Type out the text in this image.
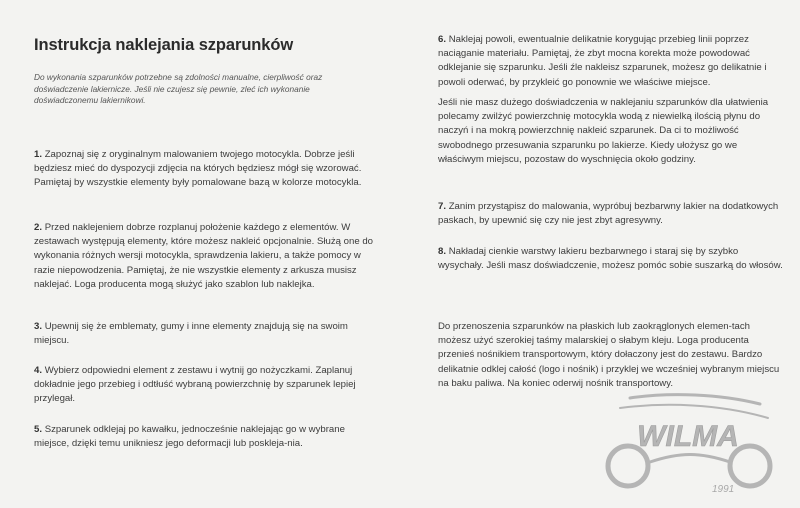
Instrukcja naklejania szparunków
Do wykonania szparunków potrzebne są zdolności manualne, cierpliwość oraz doświadczenie lakiernicze. Jeśli nie czujesz się pewnie, zleć ich wykonanie doświadczonemu lakiernikowi.

1. Zapoznaj się z oryginalnym malowaniem twojego motocykla. Dobrze jeśli będziesz mieć do dyspozycji zdjęcia na których będziesz mógł się wzorować. Pamiętaj by wszystkie elementy były pomalowane bazą w kolorze motocykla.

2. Przed naklejeniem dobrze rozplanuj położenie każdego z elementów. W zestawach występują elementy, które możesz nakleić opcjonalnie. Służą one do wykonania różnych wersji motocykla, sprawdzenia lakieru, a także pomocy w razie niepowodzenia. Pamiętaj, że nie wszystkie elementy z arkusza musisz naklejać. Loga producenta mogą służyć jako szablon lub naklejka.

3. Upewnij się że emblematy, gumy i inne elementy znajdują się na swoim miejscu.

4. Wybierz odpowiedni element z zestawu i wytnij go nożyczkami. Zaplanuj dokładnie jego przebieg i odtłuść wybraną powierzchnię by szparunek lepiej przylegał.

5. Szparunek odklejaj po kawałku, jednocześnie naklejając go w wybrane miejsce, dzięki temu unikniesz jego deformacji lub poskleja-nia.

6. Naklejaj powoli, ewentualnie delikatnie korygując przebieg linii poprzez naciąganie materiału. Pamiętaj, że zbyt mocna korekta może powodować odklejanie się szparunku. Jeśli źle nakleisz szparunek, możesz go delikatnie i powoli oderwać, by przykleić go ponownie we właściwe miejsce.

Jeśli nie masz dużego doświadczenia w naklejaniu szparunków dla ułatwienia polecamy zwilżyć powierzchnię motocykla wodą z niewielką ilością płynu do naczyń i na mokrą powierzchnię nakleić szparunek. Da ci to możliwość swobodnego przesuwania szparunku po lakierze. Kiedy ułożysz go we właściwym miejscu, pozostaw do wyschnięcia około godziny.

7. Zanim przystąpisz do malowania, wypróbuj bezbarwny lakier na dodatkowych paskach, by upewnić się czy nie jest zbyt agresywny.

8. Nakładaj cienkie warstwy lakieru bezbarwnego i staraj się by szybko wysychały. Jeśli masz doświadczenie, możesz pomóc sobie suszarką do włosów.

Do przenoszenia szparunków na płaskich lub zaokrąglonych elemen-tach możesz użyć szerokiej taśmy malarskiej o słabym kleju. Loga producenta przenieś nośnikiem transportowym, który dołaczony jest do zestawu. Bardzo delikatnie odklej całość (logo i nośnik) i przyklej we wcześniej wybranym miejscu na baku paliwa. Na koniec oderwij nośnik transportowy.

WILMA
1991
